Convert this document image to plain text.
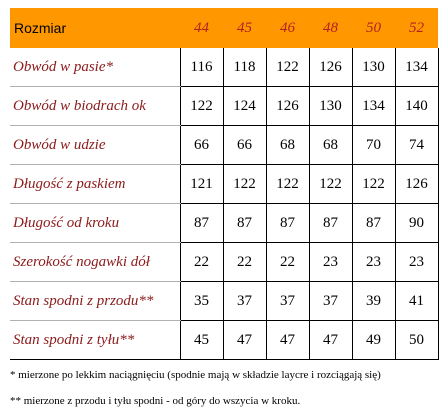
Rozmiar	44	45	46	48	50	52
Obwód w pasie*	116	118	122	126	130	134
Obwód w biodrach ok	122	124	126	130	134	140
Obwód w udzie	66	66	68	68	70	74
Długość z paskiem	121	122	122	122	122	126
Długość od kroku	87	87	87	87	87	90
Szerokość nogawki dół	22	22	22	23	23	23
Stan spodni z przodu**	35	37	37	37	39	41
Stan spodni z tyłu**	45	47	47	47	49	50
* mierzone po lekkim naciągnięciu (spodnie mają w składzie laycre i rozciągają się)
** mierzone z przodu i tyłu spodni - od góry do wszycia w kroku.
